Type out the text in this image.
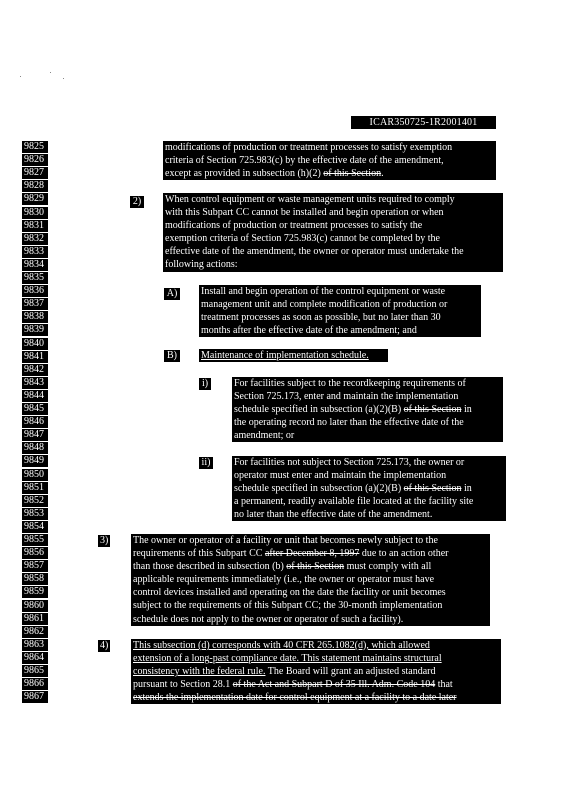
ICAR350725-1R2001401
9825
9826
9827
9828
9829
9830
9831
9832
9833
9834
9835
9836
9837
9838
9839
9840
9841
9842
9843
9844
9845
9846
9847
9848
9849
9850
9851
9852
9853
9854
9855
9856
9857
9858
9859
9860
9861
9862
9863
9864
9865
9866
9867
2)
A)
B)
i)
ii)
3)
4)
modifications of production or treatment processes to satisfy exemption
criteria of Section 725.983(c) by the effective date of the amendment,
except as provided in subsection (h)(2) of this Section.
When control equipment or waste management units required to comply
with this Subpart CC cannot be installed and begin operation or when
modifications of production or treatment processes to satisfy the
exemption criteria of Section 725.983(c) cannot be completed by the
effective date of the amendment, the owner or operator must undertake the
following actions:
Install and begin operation of the control equipment or waste
management unit and complete modification of production or
treatment processes as soon as possible, but no later than 30
months after the effective date of the amendment; and
Maintenance of implementation schedule.
For facilities subject to the recordkeeping requirements of
Section 725.173, enter and maintain the implementation
schedule specified in subsection (a)(2)(B) of this Section in
the operating record no later than the effective date of the
amendment; or
For facilities not subject to Section 725.173, the owner or
operator must enter and maintain the implementation
schedule specified in subsection (a)(2)(B) of this Section in
a permanent, readily available file located at the facility site
no later than the effective date of the amendment.
The owner or operator of a facility or unit that becomes newly subject to the
requirements of this Subpart CC after December 8, 1997 due to an action other
than those described in subsection (b) of this Section must comply with all
applicable requirements immediately (i.e., the owner or operator must have
control devices installed and operating on the date the facility or unit becomes
subject to the requirements of this Subpart CC; the 30-month implementation
schedule does not apply to the owner or operator of such a facility).
This subsection (d) corresponds with 40 CFR 265.1082(d), which allowed
extension of a long-past compliance date. This statement maintains structural
consistency with the federal rule. The Board will grant an adjusted standard
pursuant to Section 28.1 of the Act and Subpart D of 35 Ill. Adm. Code 104 that
extends the implementation date for control equipment at a facility to a date later
